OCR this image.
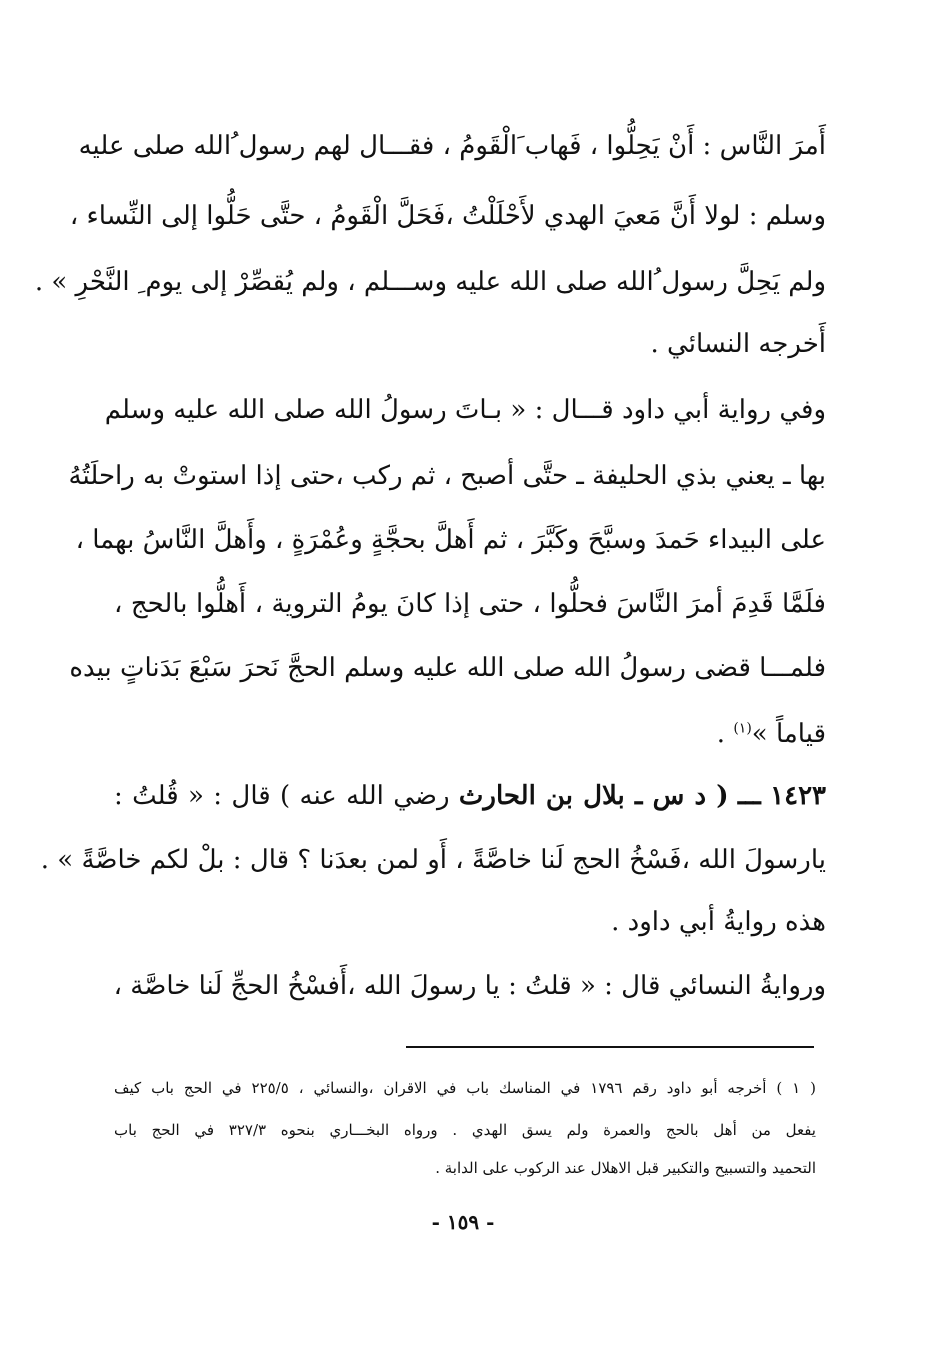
أَمرَ النَّاس : أَنْ يَحِلُّوا ، فَهاب َالْقَومُ ، فقـــال لهم رسول ُالله صلى عليه
وسلم : لولا أَنَّ مَعيَ الهدي لأَحْلَلْتُ ،فَحَلَّ الْقَومُ ، حتَّى حَلُّوا إلى النِّساء ،
ولم يَحِلَّ رسول ُالله صلى الله عليه وســـلم ، ولم يُقصِّرْ إلى يوم ِ النَّحْرِ » .
أَخرجه النسائي .
وفي رواية أبي داود قـــال : « بـاتَ رسولُ الله صلى الله عليه وسلم
بها ـ يعني بذي الحليفة ـ حتَّى أصبح ، ثم ركب ،حتى إذا استوتْ به راحلَتُهُ
على البيداء حَمدَ وسبَّحَ وكَبَّرَ ، ثم أَهلَّ بحجَّةٍ وعُمْرَةٍ ، وأَهلَّ النَّاسُ بهما ،
فلَمَّا قَدِمَ أمرَ النَّاسَ فحلُّوا ، حتى إذا كانَ يومُ التروية ، أَهلُّوا بالحج ،
فلمـــا قضى رسولُ الله صلى الله عليه وسلم الحجَّ نَحرَ سَبْعَ بَدَناتٍ بيده
قياماً »$^{(١)}$ .
١٤٢٣ ـــ ( د س ـ بلال بن الحارث رضي الله عنه ) قال : « قُلتُ :
يارسولَ الله ،فَسْخُ الحج لَنا خاصَّةً ، أَو لمن بعدَنا ؟ قال : بلْ لكم خاصَّةً » .
هذه روايةُ أبي داود .
وروايةُ النسائي قال : « قلتُ : يا رسولَ الله ،أَفسْخُ الحجِّ لَنا خاصَّة ،
( ١ ) أخرجه أبو داود رقم ١٧٩٦ في المناسك باب في الاقران ،والنسائي ، ٢٢٥/٥ في الحج باب كيف
يفعل من أهل بالحج والعمرة ولم يسق الهدي . ورواه البخـــاري بنحوه ٣٢٧/٣ في الحج باب
التحميد والتسبيح والتكبير قبل الاهلال عند الركوب على الدابة .
- ١٥٩ -
